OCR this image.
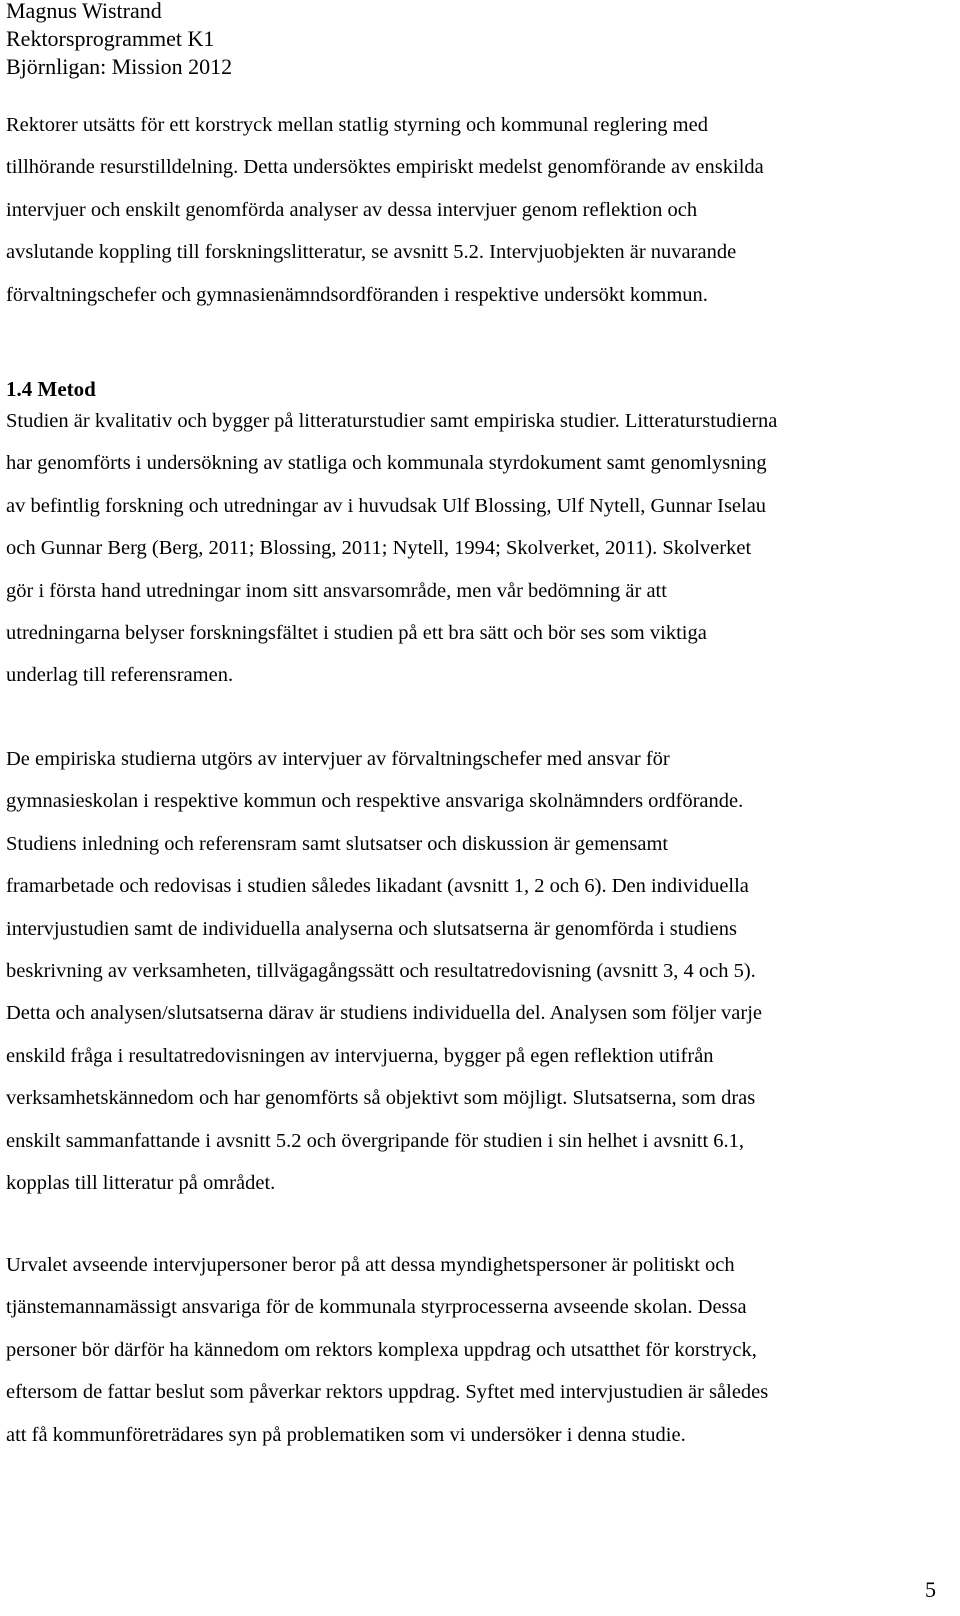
Magnus Wistrand
Rektorsprogrammet K1
Björnligan: Mission 2012

Rektorer utsätts för ett korstryck mellan statlig styrning och kommunal reglering med
tillhörande resurstilldelning. Detta undersöktes empiriskt medelst genomförande av enskilda
intervjuer och enskilt genomförda analyser av dessa intervjuer genom reflektion och
avslutande koppling till forskningslitteratur, se avsnitt 5.2. Intervjuobjekten är nuvarande
förvaltningschefer och gymnasienämndsordföranden i respektive undersökt kommun.

1.4 Metod

Studien är kvalitativ och bygger på litteraturstudier samt empiriska studier. Litteraturstudierna
har genomförts i undersökning av statliga och kommunala styrdokument samt genomlysning
av befintlig forskning och utredningar av i huvudsak Ulf Blossing, Ulf Nytell, Gunnar Iselau
och Gunnar Berg (Berg, 2011; Blossing, 2011; Nytell, 1994; Skolverket, 2011). Skolverket
gör i första hand utredningar inom sitt ansvarsområde, men vår bedömning är att
utredningarna belyser forskningsfältet i studien på ett bra sätt och bör ses som viktiga
underlag till referensramen.

De empiriska studierna utgörs av intervjuer av förvaltningschefer med ansvar för
gymnasieskolan i respektive kommun och respektive ansvariga skolnämnders ordförande.
Studiens inledning och referensram samt slutsatser och diskussion är gemensamt
framarbetade och redovisas i studien således likadant (avsnitt 1, 2 och 6). Den individuella
intervjustudien samt de individuella analyserna och slutsatserna är genomförda i studiens
beskrivning av verksamheten, tillvägagångssätt och resultatredovisning (avsnitt 3, 4 och 5).
Detta och analysen/slutsatserna därav är studiens individuella del. Analysen som följer varje
enskild fråga i resultatredovisningen av intervjuerna, bygger på egen reflektion utifrån
verksamhetskännedom och har genomförts så objektivt som möjligt. Slutsatserna, som dras
enskilt sammanfattande i avsnitt 5.2 och övergripande för studien i sin helhet i avsnitt 6.1,
kopplas till litteratur på området.

Urvalet avseende intervjupersoner beror på att dessa myndighetspersoner är politiskt och
tjänstemannamässigt ansvariga för de kommunala styrprocesserna avseende skolan. Dessa
personer bör därför ha kännedom om rektors komplexa uppdrag och utsatthet för korstryck,
eftersom de fattar beslut som påverkar rektors uppdrag. Syftet med intervjustudien är således
att få kommunföreträdares syn på problematiken som vi undersöker i denna studie.

5
